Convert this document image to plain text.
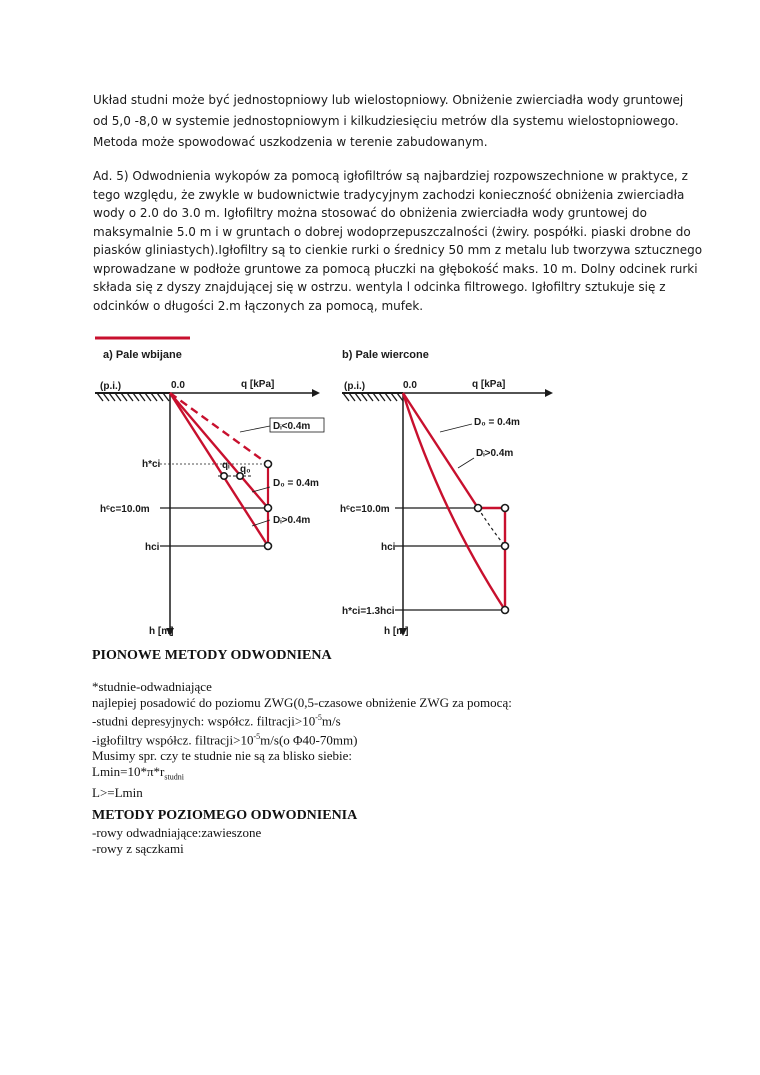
Układ studni może być jednostopniowy lub wielostopniowy. Obniżenie zwierciadła wody gruntowej
od 5,0 -8,0 w systemie jednostopniowym i kilkudziesięciu metrów dla systemu wielostopniowego.
Metoda może spowodować uszkodzenia w terenie zabudowanym.
Ad. 5) Odwodnienia wykopów za pomocą igłofiltrów są najbardziej rozpowszechnione w praktyce, z
tego względu, że zwykle w budownictwie tradycyjnym zachodzi konieczność obniżenia zwierciadła
wody o 2.0 do 3.0 m. Igłofiltry można stosować do obniżenia zwierciadła wody gruntowej do
maksymalnie 5.0 m i w gruntach o dobrej wodoprzepuszczalności (żwiry. pospółki. piaski drobne do
piasków gliniastych).Igłofiltry są to cienkie rurki o średnicy 50 mm z metalu lub tworzywa sztucznego
wprowadzane w podłoże gruntowe za pomocą płuczki na głębokość maks. 10 m. Dolny odcinek rurki
składa się z dyszy znajdującej się w ostrzu. wentyla l odcinka filtrowego. Igłofiltry sztukuje się z
odcinków o długości 2.m łączonych za pomocą, mufek.
a) Pale wbijane
(p.i.)	0.0	q [kPa]
h [m]
Dᵢ<0.4m
D₀ = 0.4m
Dᵢ>0.4m
qᵢ q₀
h*ci
hᶜc=10.0m
hci
b) Pale wiercone
(p.i.)	0.0	q [kPa]
h [m]
D₀ = 0.4m
Dᵢ>0.4m
hᶜc=10.0m
hci
h*ci=1.3hci
PIONOWE METODY ODWODNIENA
*studnie-odwadniające
najlepiej posadowić do poziomu ZWG(0,5-czasowe obniżenie ZWG za pomocą:
-studni depresyjnych: współcz. $filtracji>10^{-5}m/s$
-igłofiltry współcz. $filtracji>10^{-5}m/s(o$ Φ40-70mm)
Musimy spr. czy te studnie nie są za blisko siebie:
$Lmin=10*\pi*r_{studni}$
L>=Lmin
METODY POZIOMEGO ODWODNIENIA
-rowy odwadniające:zawieszone
-rowy z sączkami
